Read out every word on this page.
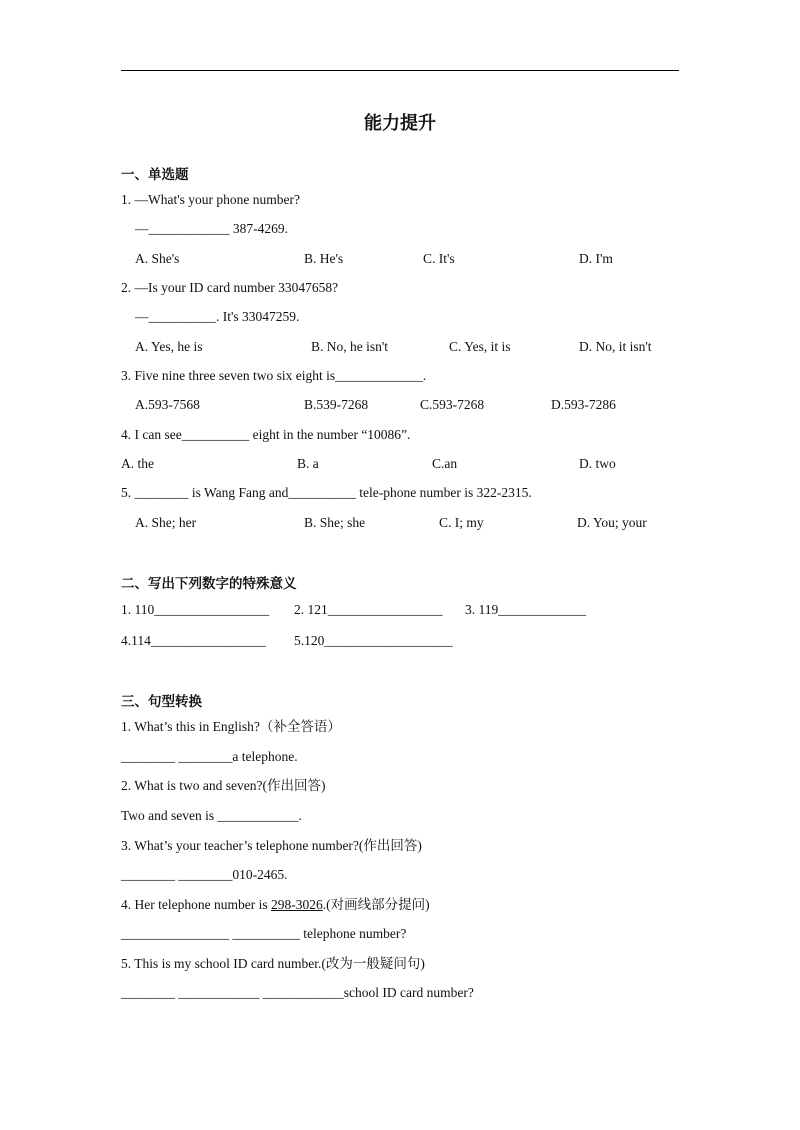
能力提升
一、单选题
1. —What's your phone number?
—____________ 387-4269.
A. She's	B. He's	C. It's	D. I'm
2. —Is your ID card number 33047658?
—__________. It's 33047259.
A. Yes, he is	B. No, he isn't	C. Yes, it is	D. No, it isn't
3. Five nine three seven two six eight is_____________.
A.593-7568	B.539-7268	C.593-7268	D.593-7286
4. I can see__________ eight in the number “10086”.
A. the	B. a	C.an	D. two
5. ________ is Wang Fang and__________ tele-phone number is 322-2315.
A. She; her	B. She; she	C. I; my	D. You; your
二、写出下列数字的特殊意义
1. 110_________________ 2. 121_________________ 3. 119_____________
4.114_________________ 5.120___________________
三、句型转换
1. What’s this in English?（补全答语）
________ ________a telephone.
2. What is two and seven?(作出回答)
Two and seven is ____________.
3. What’s your teacher’s telephone number?(作出回答)
________ ________010-2465.
4. Her telephone number is 298-3026.(对画线部分提问)
________________ __________ telephone number?
5. This is my school ID card number.(改为一般疑问句)
________ ____________ ____________school ID card number?
